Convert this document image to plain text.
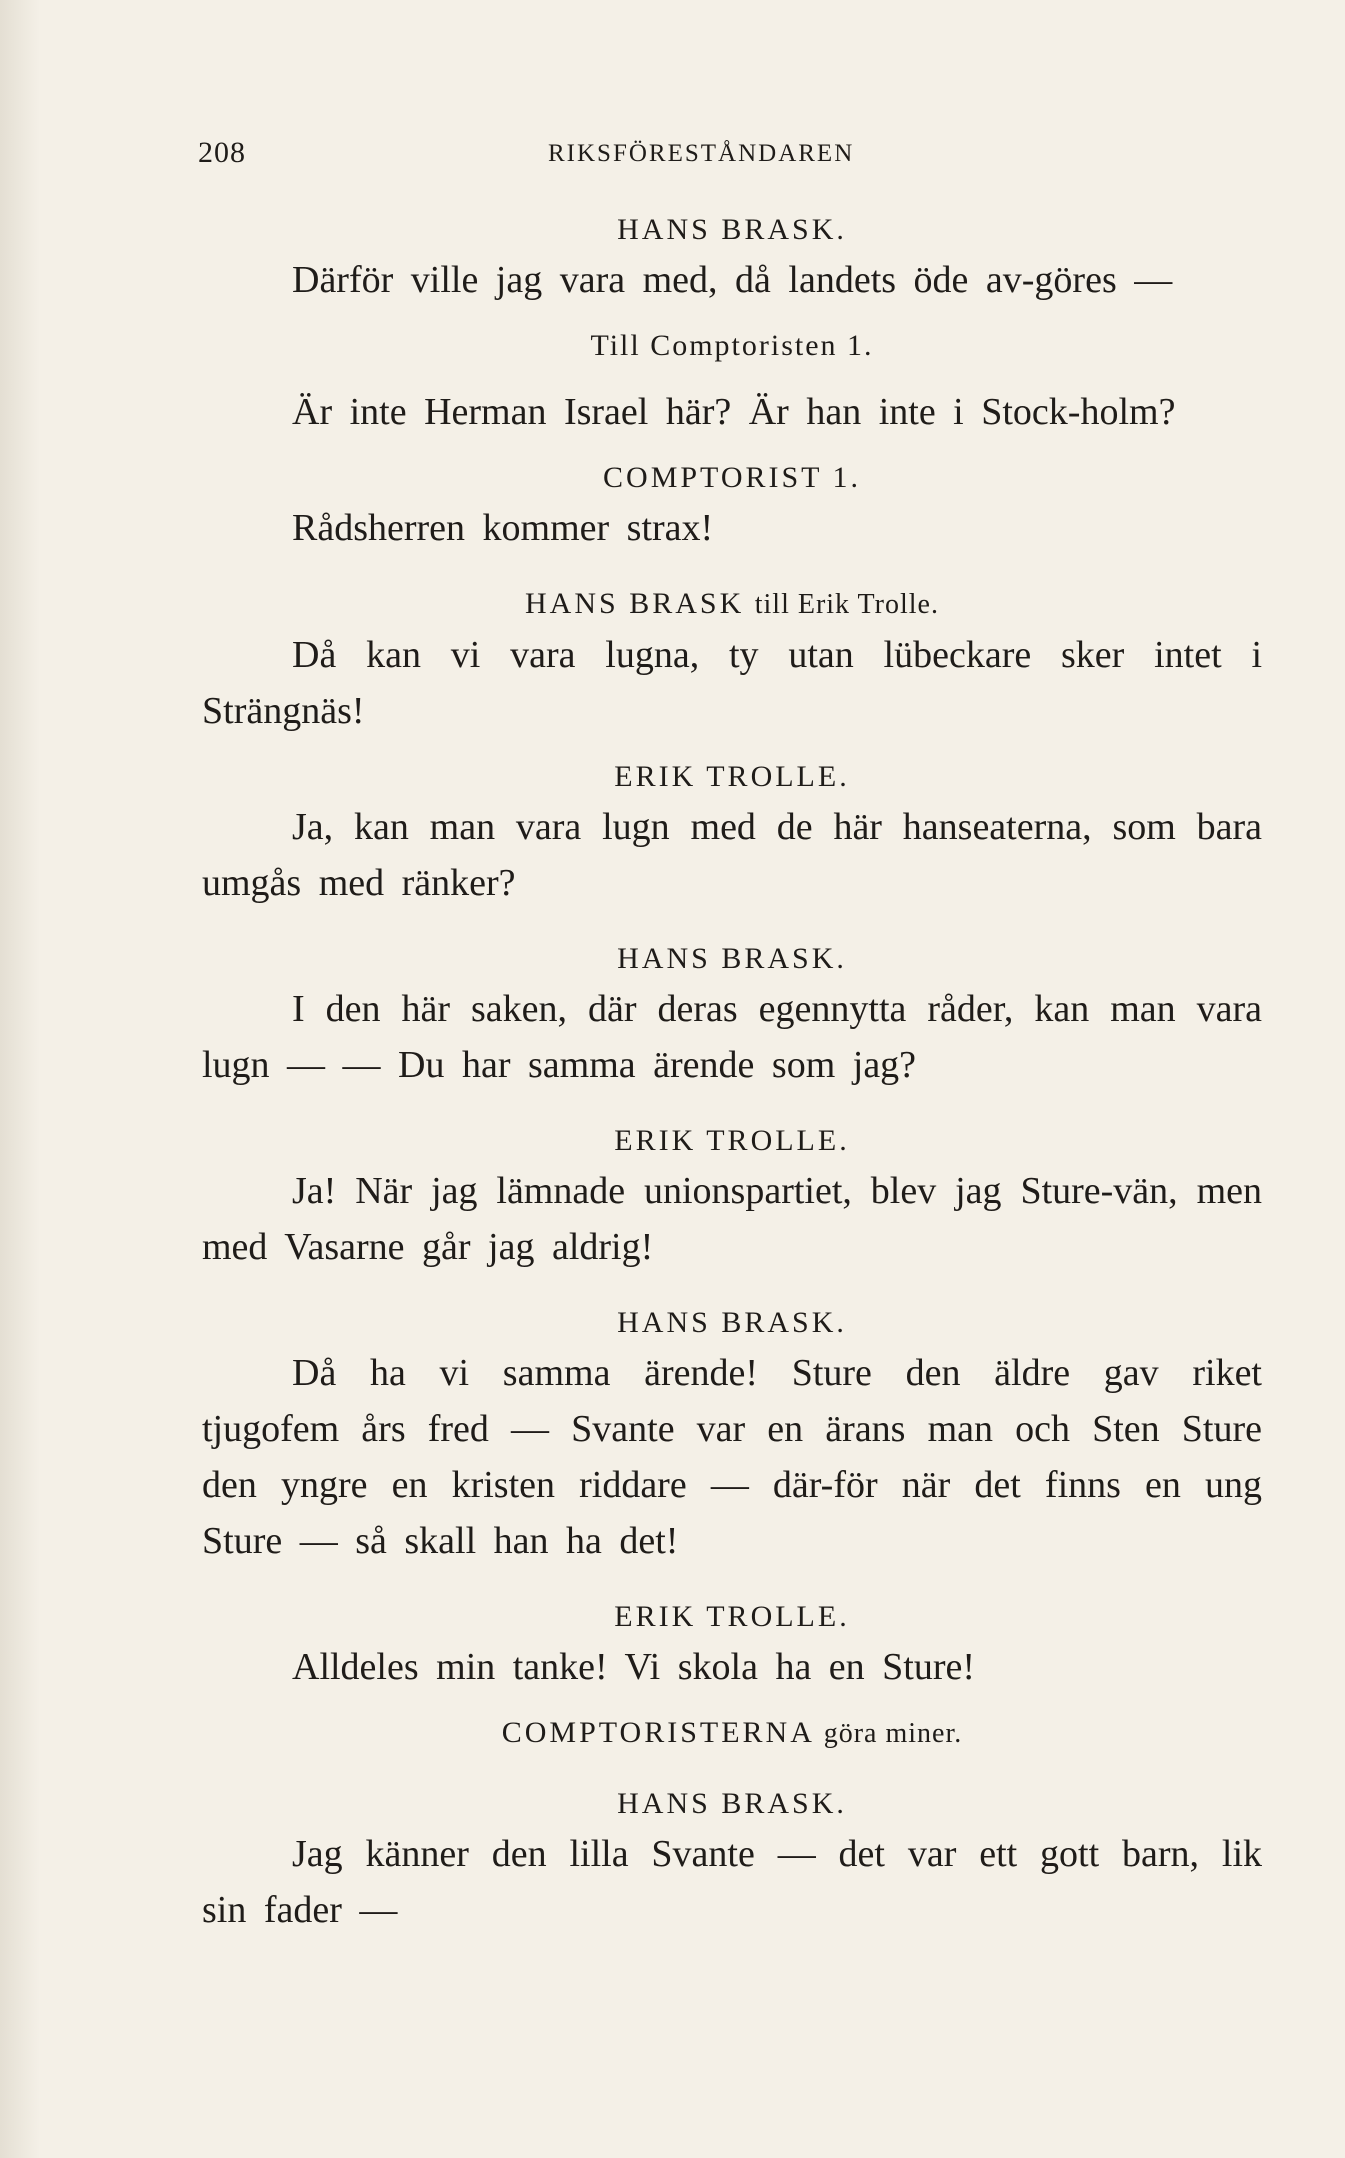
208	RIKSFÖRESTÅNDAREN

HANS BRASK.

Därför ville jag vara med, då landets öde av-göres —

Till Comptoristen 1.

Är inte Herman Israel här? Är han inte i Stock-holm?

COMPTORIST 1.

Rådsherren kommer strax!

HANS BRASK till Erik Trolle.

Då kan vi vara lugna, ty utan lübeckare sker intet i Strängnäs!

ERIK TROLLE.

Ja, kan man vara lugn med de här hanseaterna, som bara umgås med ränker?

HANS BRASK.

I den här saken, där deras egennytta råder, kan man vara lugn — — Du har samma ärende som jag?

ERIK TROLLE.

Ja! När jag lämnade unionspartiet, blev jag Sture-vän, men med Vasarne går jag aldrig!

HANS BRASK.

Då ha vi samma ärende! Sture den äldre gav riket tjugofem års fred — Svante var en ärans man och Sten Sture den yngre en kristen riddare — där-för när det finns en ung Sture — så skall han ha det!

ERIK TROLLE.

Alldeles min tanke! Vi skola ha en Sture!

COMPTORISTERNA göra miner.

HANS BRASK.

Jag känner den lilla Svante — det var ett gott barn, lik sin fader —
